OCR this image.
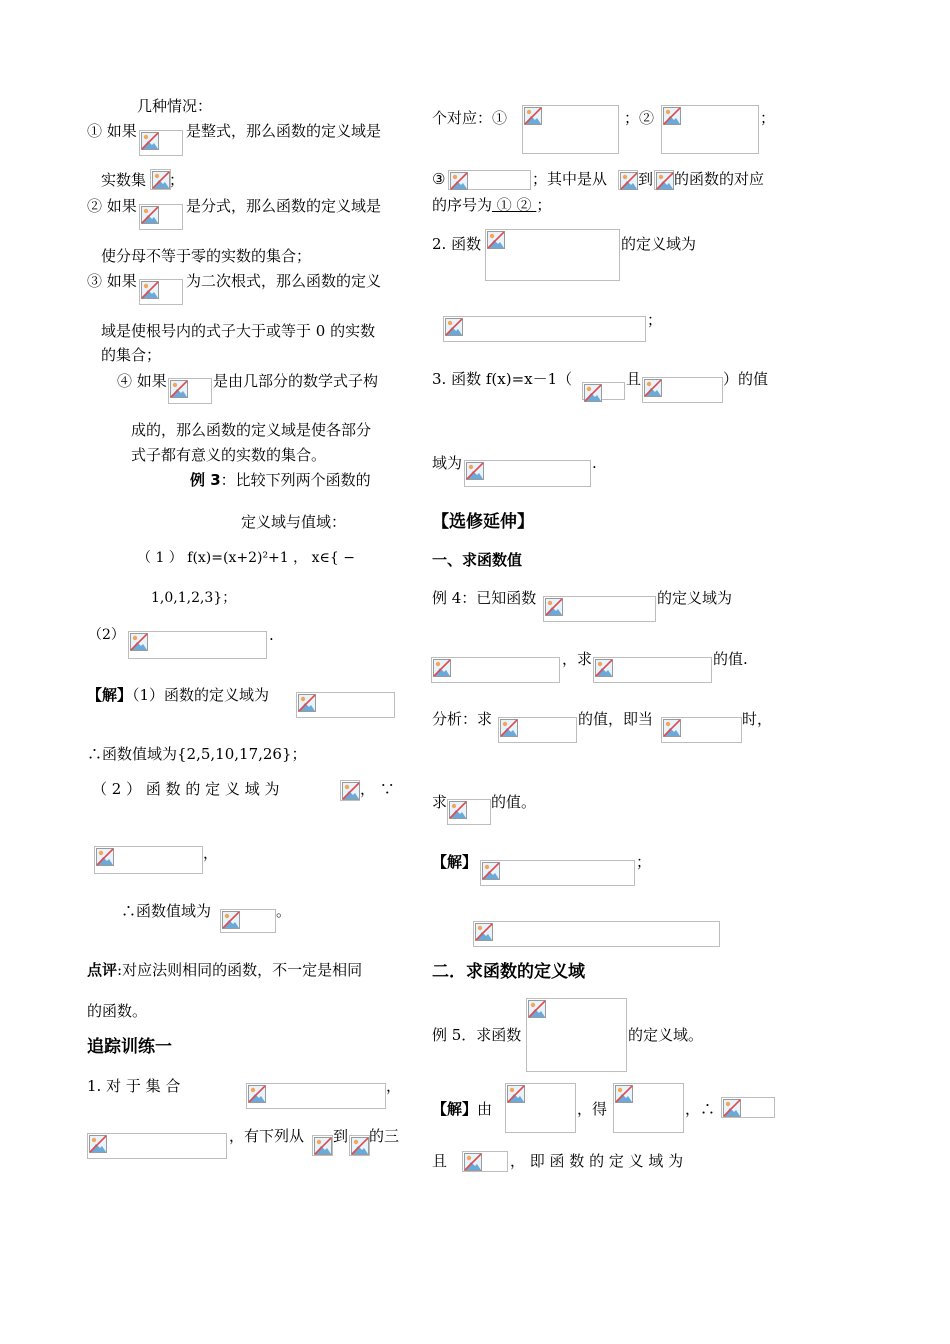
几种情况：
① 如果	是整式，那么函数的定义域是
实数集 ；
② 如果	是分式，那么函数的定义域是
使分母不等于零的实数的集合；
③ 如果	为二次根式，那么函数的定义
域是使根号内的式子大于或等于 0 的实数
的集合；
④ 如果	是由几部分的数学式子构
成的，那么函数的定义域是使各部分
式子都有意义的实数的集合。
例 3：比较下列两个函数的
定义域与值域：
（ 1 ） f(x)=(x+2)²+1 ， x∈{ −
1,0,1,2,3}；
（2）	.
【解】（1）函数的定义域为
∴函数值域为{2,5,10,17,26}；
（ 2 ） 函 数 的 定 义 域 为	， ∵
，
∴函数值域为	。
点评:对应法则相同的函数，不一定是相同
的函数。
追踪训练一
1. 对 于 集 合	，
，有下列从 到 的三
个对应：①	；②	；
③	；其中是从 到 的函数的对应
的序号为 ① ② ；
2. 函数	的定义域为
；
3. 函数 f(x)=x－1（	且	）的值
域为	.
【选修延伸】
一、求函数值
例 4：已知函数	的定义域为
，求	的值.
分析：求	的值，即当	时，
求	的值。
【解】	；
二．求函数的定义域
例 5．求函数	的定义域。
【解】由	，得	，∴
且	， 即 函 数 的 定 义 域 为
